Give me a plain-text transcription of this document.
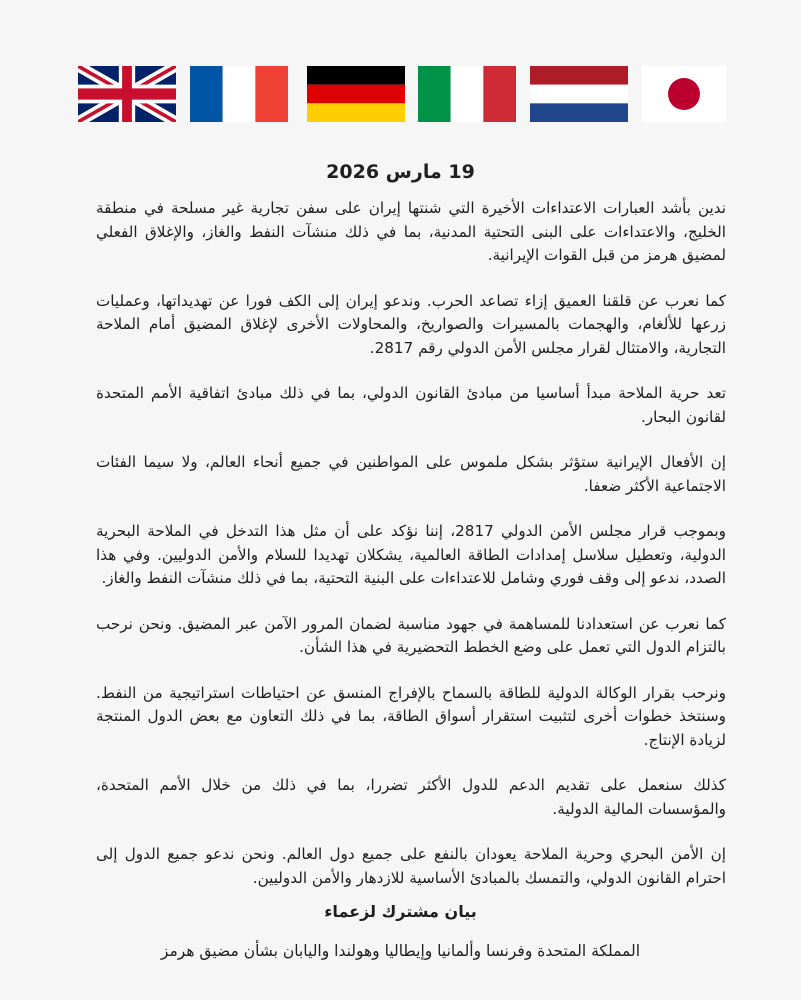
19 مارس 2026

ندين بأشد العبارات الاعتداءات الأخيرة التي شنتها إيران على سفن تجارية غير مسلحة في منطقة الخليج، والاعتداءات على البنى التحتية المدنية، بما في ذلك منشآت النفط والغاز، والإغلاق الفعلي لمضيق هرمز من قبل القوات الإيرانية.

كما نعرب عن قلقنا العميق إزاء تصاعد الحرب. وندعو إيران إلى الكف فورا عن تهديداتها، وعمليات زرعها للألغام، والهجمات بالمسيرات والصواريخ، والمحاولات الأخرى لإغلاق المضيق أمام الملاحة التجارية، والامتثال لقرار مجلس الأمن الدولي رقم 2817.

تعد حرية الملاحة مبدأ أساسيا من مبادئ القانون الدولي، بما في ذلك مبادئ اتفاقية الأمم المتحدة لقانون البحار.

إن الأفعال الإيرانية ستؤثر بشكل ملموس على المواطنين في جميع أنحاء العالم، ولا سيما الفئات الاجتماعية الأكثر ضعفا.

وبموجب قرار مجلس الأمن الدولي 2817، إننا نؤكد على أن مثل هذا التدخل في الملاحة البحرية الدولية، وتعطيل سلاسل إمدادات الطاقة العالمية، يشكلان تهديدا للسلام والأمن الدوليين. وفي هذا الصدد، ندعو إلى وقف فوري وشامل للاعتداءات على البنية التحتية، بما في ذلك منشآت النفط والغاز.

كما نعرب عن استعدادنا للمساهمة في جهود مناسبة لضمان المرور الآمن عبر المضيق. ونحن نرحب بالتزام الدول التي تعمل على وضع الخطط التحضيرية في هذا الشأن.

ونرحب بقرار الوكالة الدولية للطاقة بالسماح بالإفراج المنسق عن احتياطات استراتيجية من النفط. وسنتخذ خطوات أخرى لتثبيت استقرار أسواق الطاقة، بما في ذلك التعاون مع بعض الدول المنتجة لزيادة الإنتاج.

كذلك سنعمل على تقديم الدعم للدول الأكثر تضررا، بما في ذلك من خلال الأمم المتحدة، والمؤسسات المالية الدولية.

إن الأمن البحري وحرية الملاحة يعودان بالنفع على جميع دول العالم. ونحن ندعو جميع الدول إلى احترام القانون الدولي، والتمسك بالمبادئ الأساسية للازدهار والأمن الدوليين.

بيان مشترك لزعماء
المملكة المتحدة وفرنسا وألمانيا وإيطاليا وهولندا واليابان بشأن مضيق هرمز
